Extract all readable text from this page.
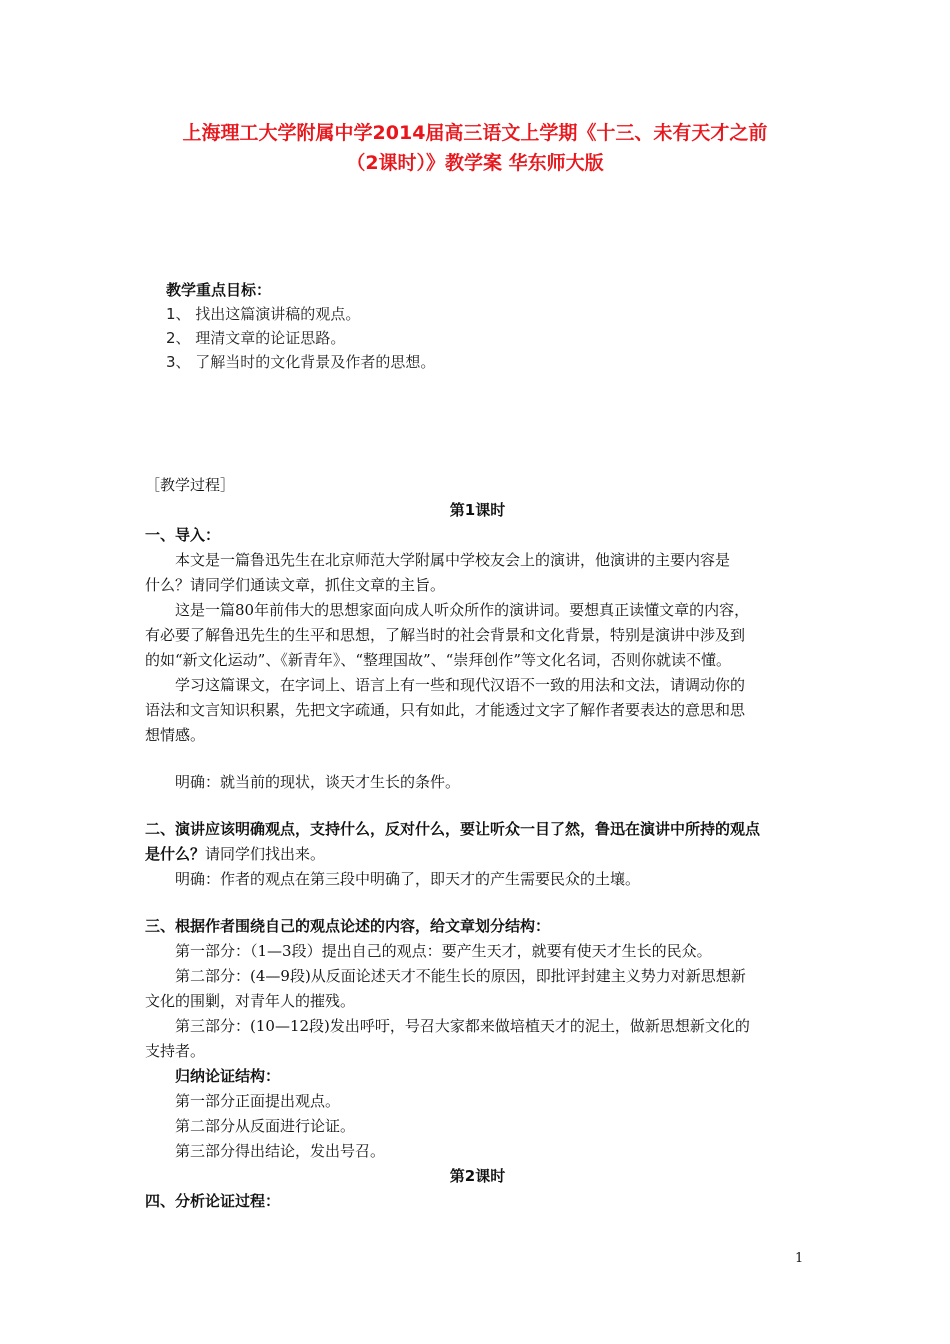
上海理工大学附属中学2014届高三语文上学期《十三、未有天才之前
（2课时）》教学案 华东师大版
教学重点目标：
1、 找出这篇演讲稿的观点。
2、 理清文章的论证思路。
3、 了解当时的文化背景及作者的思想。
［教学过程］
第1课时
一、导入：
本文是一篇鲁迅先生在北京师范大学附属中学校友会上的演讲，他演讲的主要内容是
什么？请同学们通读文章，抓住文章的主旨。
这是一篇80年前伟大的思想家面向成人听众所作的演讲词。要想真正读懂文章的内容，
有必要了解鲁迅先生的生平和思想，了解当时的社会背景和文化背景，特别是演讲中涉及到
的如“新文化运动”、《新青年》、“整理国故”、“崇拜创作”等文化名词，否则你就读不懂。
学习这篇课文，在字词上、语言上有一些和现代汉语不一致的用法和文法，请调动你的
语法和文言知识积累，先把文字疏通，只有如此，才能透过文字了解作者要表达的意思和思
想情感。
明确：就当前的现状，谈天才生长的条件。
二、演讲应该明确观点，支持什么，反对什么，要让听众一目了然，鲁迅在演讲中所持的观点
是什么？请同学们找出来。
明确：作者的观点在第三段中明确了，即天才的产生需要民众的土壤。
三、根据作者围绕自己的观点论述的内容，给文章划分结构：
第一部分：（1—3段）提出自己的观点：要产生天才，就要有使天才生长的民众。
第二部分：(4—9段)从反面论述天才不能生长的原因，即批评封建主义势力对新思想新
文化的围剿，对青年人的摧残。
第三部分：(10—12段)发出呼吁，号召大家都来做培植天才的泥土，做新思想新文化的
支持者。
归纳论证结构：
第一部分正面提出观点。
第二部分从反面进行论证。
第三部分得出结论，发出号召。
第2课时
四、分析论证过程：
1
